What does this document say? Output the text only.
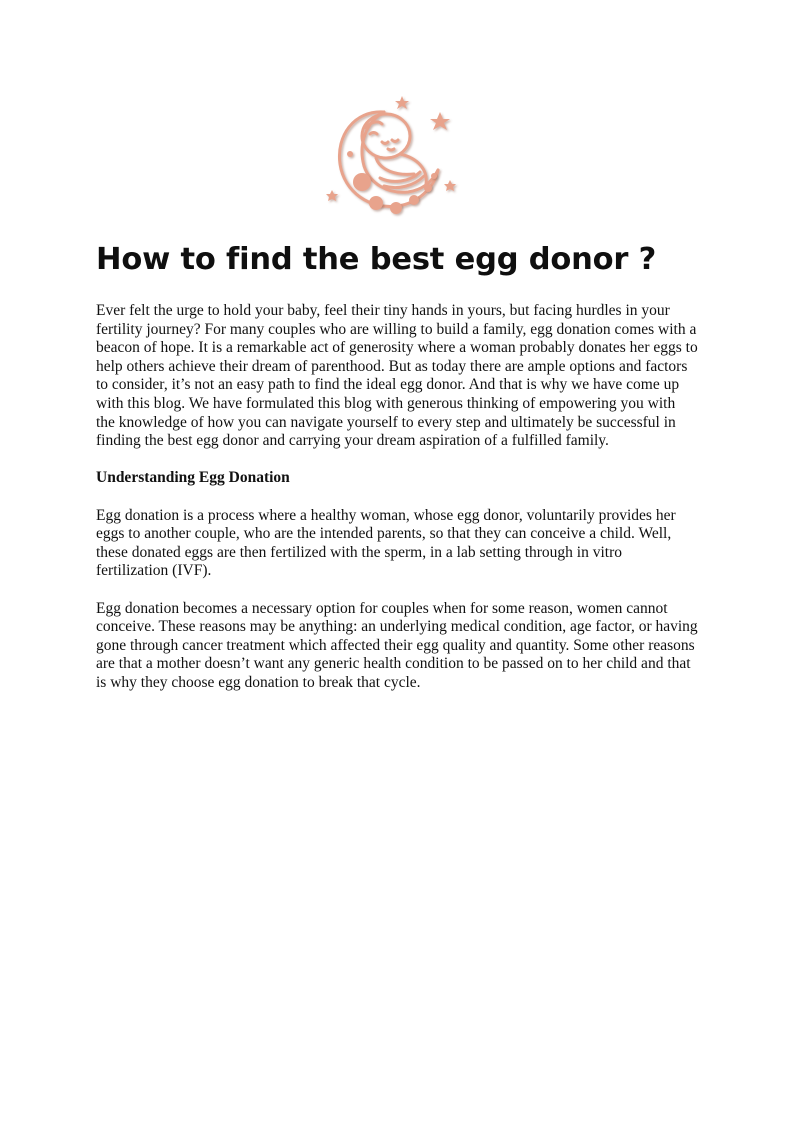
How to find the best egg donor ?

Ever felt the urge to hold your baby, feel their tiny hands in yours, but facing hurdles in your fertility journey? For many couples who are willing to build a family, egg donation comes with a beacon of hope. It is a remarkable act of generosity where a woman probably donates her eggs to help others achieve their dream of parenthood. But as today there are ample options and factors to consider, it’s not an easy path to find the ideal egg donor. And that is why we have come up with this blog. We have formulated this blog with generous thinking of empowering you with the knowledge of how you can navigate yourself to every step and ultimately be successful in finding the best egg donor and carrying your dream aspiration of a fulfilled family.

Understanding Egg Donation

Egg donation is a process where a healthy woman, whose egg donor, voluntarily provides her eggs to another couple, who are the intended parents, so that they can conceive a child. Well, these donated eggs are then fertilized with the sperm, in a lab setting through in vitro fertilization (IVF).

Egg donation becomes a necessary option for couples when for some reason, women cannot conceive. These reasons may be anything: an underlying medical condition, age factor, or having gone through cancer treatment which affected their egg quality and quantity. Some other reasons are that a mother doesn’t want any generic health condition to be passed on to her child and that is why they choose egg donation to break that cycle.
